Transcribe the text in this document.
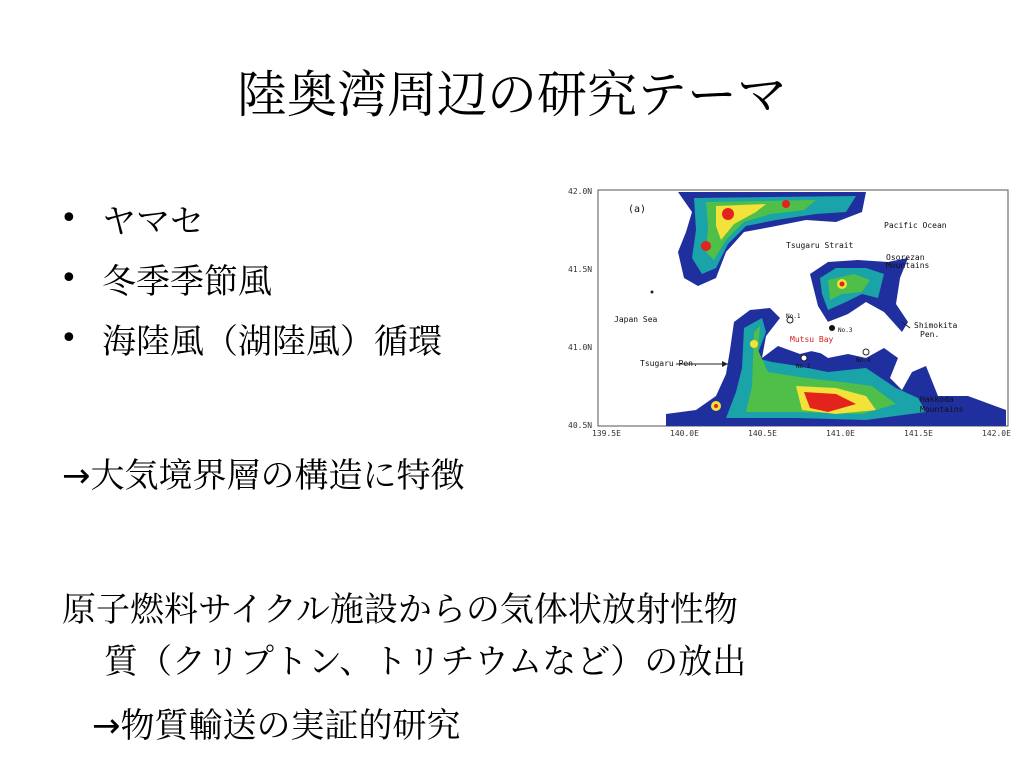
陸奥湾周辺の研究テーマ
• ヤマセ
• 冬季季節風
• 海陸風（湖陸風）循環
→大気境界層の構造に特徴
原子燃料サイクル施設からの気体状放射性物
質（クリプトン、トリチウムなど）の放出
→物質輸送の実証的研究
(a)
Pacific Ocean
Tsugaru Strait
Osorezan
Mountains
Japan Sea
Shimokita
Pen.
Tsugaru Pen.
Mutsu Bay
Hakkoda
Mountains
No.1
No.3
No.2
No.4
42.0N
41.5N
41.0N
40.5N
139.5E	140.0E	140.5E	141.0E	141.5E	142.0E
